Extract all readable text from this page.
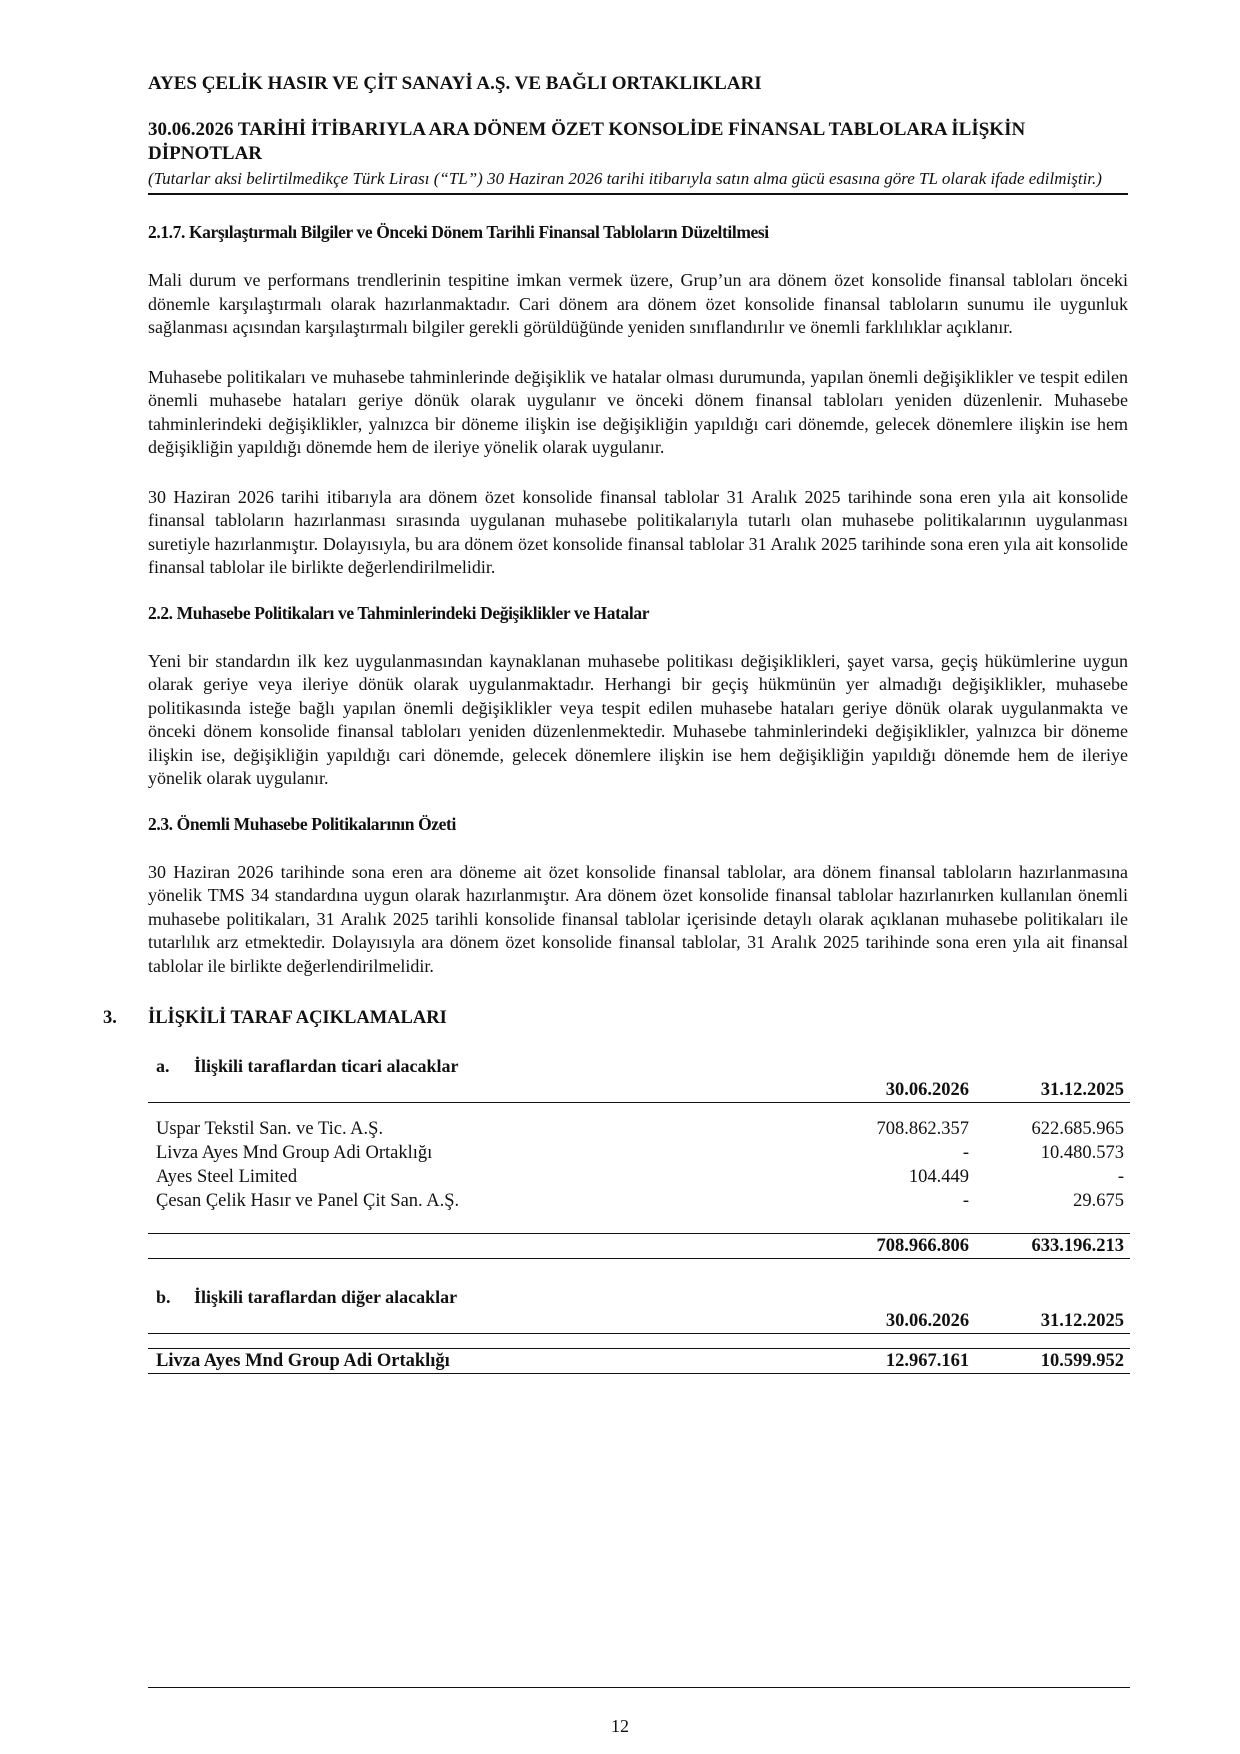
AYES ÇELİK HASIR VE ÇİT SANAYİ A.Ş. VE BAĞLI ORTAKLIKLARI

30.06.2026 TARİHİ İTİBARIYLA ARA DÖNEM ÖZET KONSOLİDE FİNANSAL TABLOLARA İLİŞKİN DİPNOTLAR

(Tutarlar aksi belirtilmedikçe Türk Lirası (“TL”) 30 Haziran 2026 tarihi itibarıyla satın alma gücü esasına göre TL olarak ifade edilmiştir.)

2.1.7. Karşılaştırmalı Bilgiler ve Önceki Dönem Tarihli Finansal Tabloların Düzeltilmesi

Mali durum ve performans trendlerinin tespitine imkan vermek üzere, Grup’un ara dönem özet konsolide finansal tabloları önceki dönemle karşılaştırmalı olarak hazırlanmaktadır. Cari dönem ara dönem özet konsolide finansal tabloların sunumu ile uygunluk sağlanması açısından karşılaştırmalı bilgiler gerekli görüldüğünde yeniden sınıflandırılır ve önemli farklılıklar açıklanır.

Muhasebe politikaları ve muhasebe tahminlerinde değişiklik ve hatalar olması durumunda, yapılan önemli değişiklikler ve tespit edilen önemli muhasebe hataları geriye dönük olarak uygulanır ve önceki dönem finansal tabloları yeniden düzenlenir. Muhasebe tahminlerindeki değişiklikler, yalnızca bir döneme ilişkin ise değişikliğin yapıldığı cari dönemde, gelecek dönemlere ilişkin ise hem değişikliğin yapıldığı dönemde hem de ileriye yönelik olarak uygulanır.

30 Haziran 2026 tarihi itibarıyla ara dönem özet konsolide finansal tablolar 31 Aralık 2025 tarihinde sona eren yıla ait konsolide finansal tabloların hazırlanması sırasında uygulanan muhasebe politikalarıyla tutarlı olan muhasebe politikalarının uygulanması suretiyle hazırlanmıştır. Dolayısıyla, bu ara dönem özet konsolide finansal tablolar 31 Aralık 2025 tarihinde sona eren yıla ait konsolide finansal tablolar ile birlikte değerlendirilmelidir.

2.2. Muhasebe Politikaları ve Tahminlerindeki Değişiklikler ve Hatalar

Yeni bir standardın ilk kez uygulanmasından kaynaklanan muhasebe politikası değişiklikleri, şayet varsa, geçiş hükümlerine uygun olarak geriye veya ileriye dönük olarak uygulanmaktadır. Herhangi bir geçiş hükmünün yer almadığı değişiklikler, muhasebe politikasında isteğe bağlı yapılan önemli değişiklikler veya tespit edilen muhasebe hataları geriye dönük olarak uygulanmakta ve önceki dönem konsolide finansal tabloları yeniden düzenlenmektedir. Muhasebe tahminlerindeki değişiklikler, yalnızca bir döneme ilişkin ise, değişikliğin yapıldığı cari dönemde, gelecek dönemlere ilişkin ise hem değişikliğin yapıldığı dönemde hem de ileriye yönelik olarak uygulanır.

2.3. Önemli Muhasebe Politikalarının Özeti

30 Haziran 2026 tarihinde sona eren ara döneme ait özet konsolide finansal tablolar, ara dönem finansal tabloların hazırlanmasına yönelik TMS 34 standardına uygun olarak hazırlanmıştır. Ara dönem özet konsolide finansal tablolar hazırlanırken kullanılan önemli muhasebe politikaları, 31 Aralık 2025 tarihli konsolide finansal tablolar içerisinde detaylı olarak açıklanan muhasebe politikaları ile tutarlılık arz etmektedir. Dolayısıyla ara dönem özet konsolide finansal tablolar, 31 Aralık 2025 tarihinde sona eren yıla ait finansal tablolar ile birlikte değerlendirilmelidir.

3. İLİŞKİLİ TARAF AÇIKLAMALARI

a. İlişkili taraflardan ticari alacaklar

	30.06.2026	31.12.2025

Uspar Tekstil San. ve Tic. A.Ş.	708.862.357	622.685.965
Livza Ayes Mnd Group Adi Ortaklığı	-	10.480.573
Ayes Steel Limited	104.449	-
Çesan Çelik Hasır ve Panel Çit San. A.Ş.	-	29.675

	708.966.806	633.196.213

b. İlişkili taraflardan diğer alacaklar

	30.06.2026	31.12.2025

Livza Ayes Mnd Group Adi Ortaklığı	12.967.161	10.599.952
12
